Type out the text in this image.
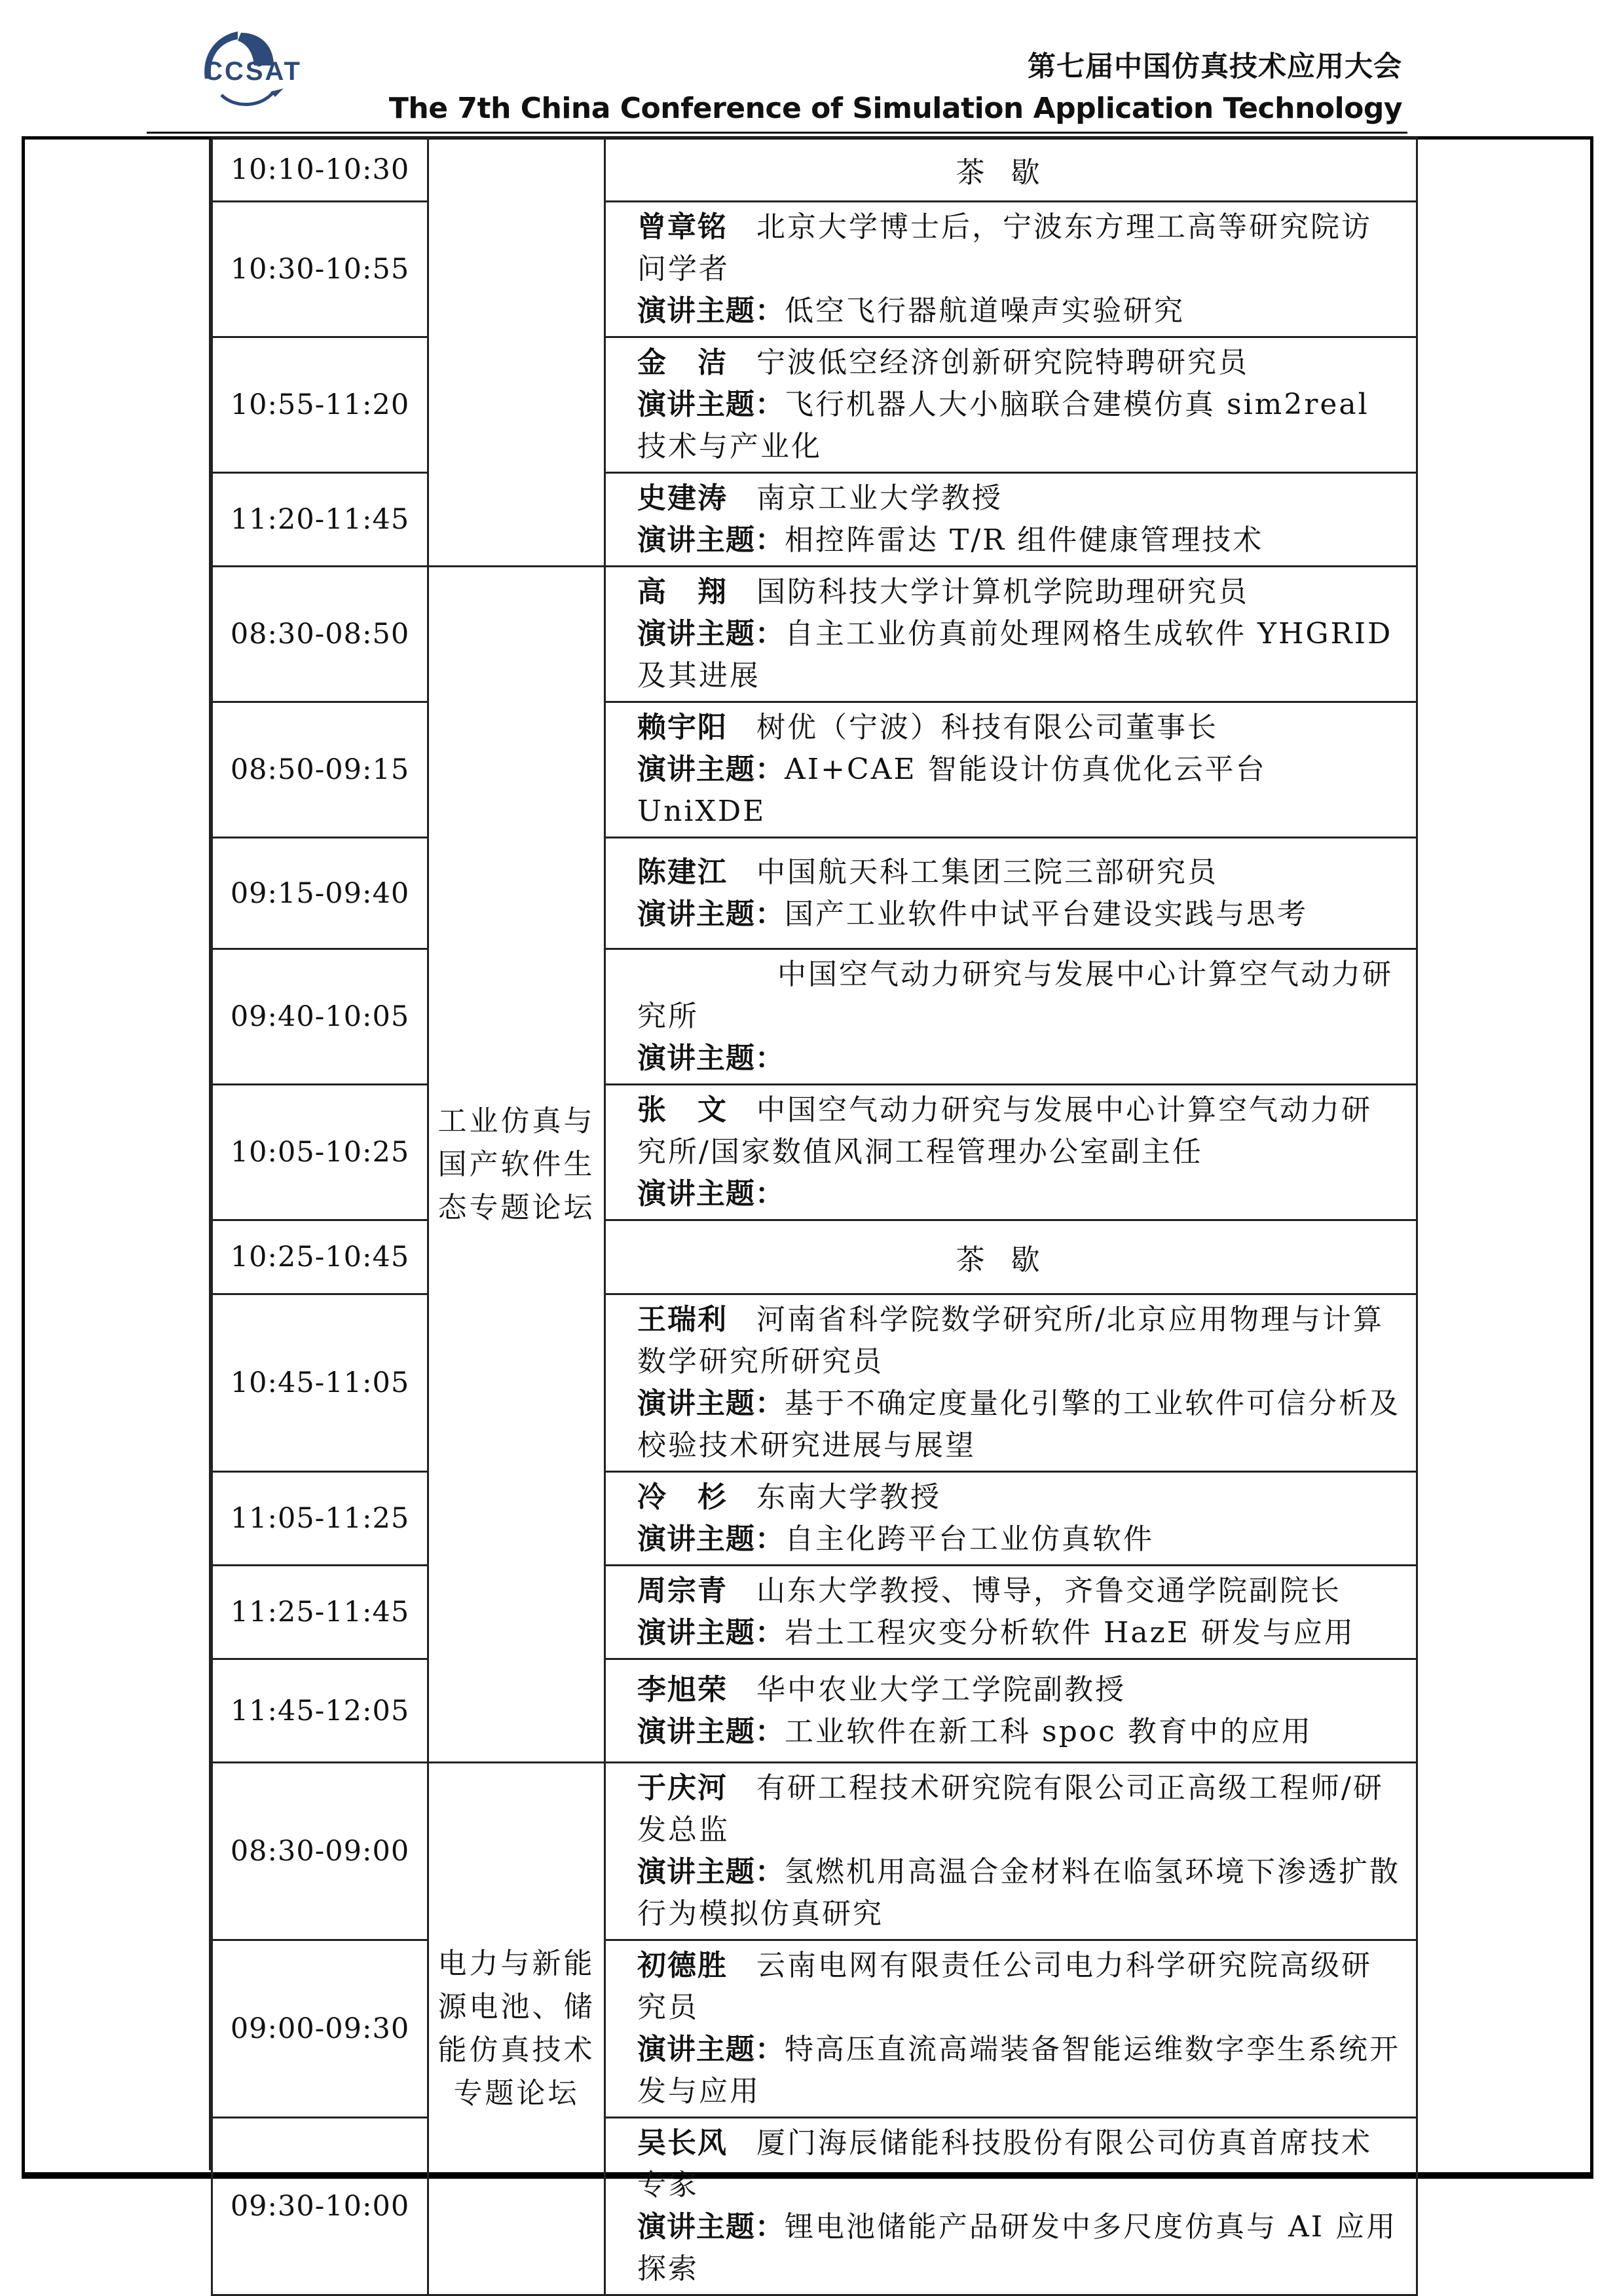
CCSAT	第七届中国仿真技术应用大会
The 7th China Conference of Simulation Application Technology
10:10-10:30		茶歇
10:30-10:55		曾章铭 北京大学博士后，宁波东方理工高等研究院访问学者
演讲主题：低空飞行器航道噪声实验研究

10:55-11:20		金　洁 宁波低空经济创新研究院特聘研究员
演讲主题：飞行机器人大小脑联合建模仿真 sim2real 技术与产业化

11:20-11:45		史建涛 南京工业大学教授
演讲主题：相控阵雷达 T/R 组件健康管理技术

08:30-08:50	工业仿真与国产软件生态专题论坛	高　翔 国防科技大学计算机学院助理研究员
演讲主题：自主工业仿真前处理网格生成软件 YHGRID 及其进展

08:50-09:15		赖宇阳 树优（宁波）科技有限公司董事长
演讲主题：AI+CAE 智能设计仿真优化云平台 UniXDE

09:15-09:40		陈建江 中国航天科工集团三院三部研究员
演讲主题：国产工业软件中试平台建设实践与思考

09:40-10:05		中国空气动力研究与发展中心计算空气动力研究所
演讲主题：

10:05-10:25		张　文 中国空气动力研究与发展中心计算空气动力研究所/国家数值风洞工程管理办公室副主任
演讲主题：

10:25-10:45		茶歇
10:45-11:05		王瑞利 河南省科学院数学研究所/北京应用物理与计算数学研究所研究员
演讲主题：基于不确定度量化引擎的工业软件可信分析及校验技术研究进展与展望

11:05-11:25		冷　杉 东南大学教授
演讲主题：自主化跨平台工业仿真软件

11:25-11:45		周宗青 山东大学教授、博导，齐鲁交通学院副院长
演讲主题：岩土工程灾变分析软件 HazE 研发与应用

11:45-12:05		李旭荣 华中农业大学工学院副教授
演讲主题：工业软件在新工科 spoc 教育中的应用

08:30-09:00	电力与新能源电池、储能仿真技术专题论坛	于庆河 有研工程技术研究院有限公司正高级工程师/研发总监
演讲主题：氢燃机用高温合金材料在临氢环境下渗透扩散行为模拟仿真研究

09:00-09:30		初德胜 云南电网有限责任公司电力科学研究院高级研究员
演讲主题：特高压直流高端装备智能运维数字孪生系统开发与应用

09:30-10:00		吴长风 厦门海辰储能科技股份有限公司仿真首席技术专家
演讲主题：锂电池储能产品研发中多尺度仿真与 AI 应用探索
